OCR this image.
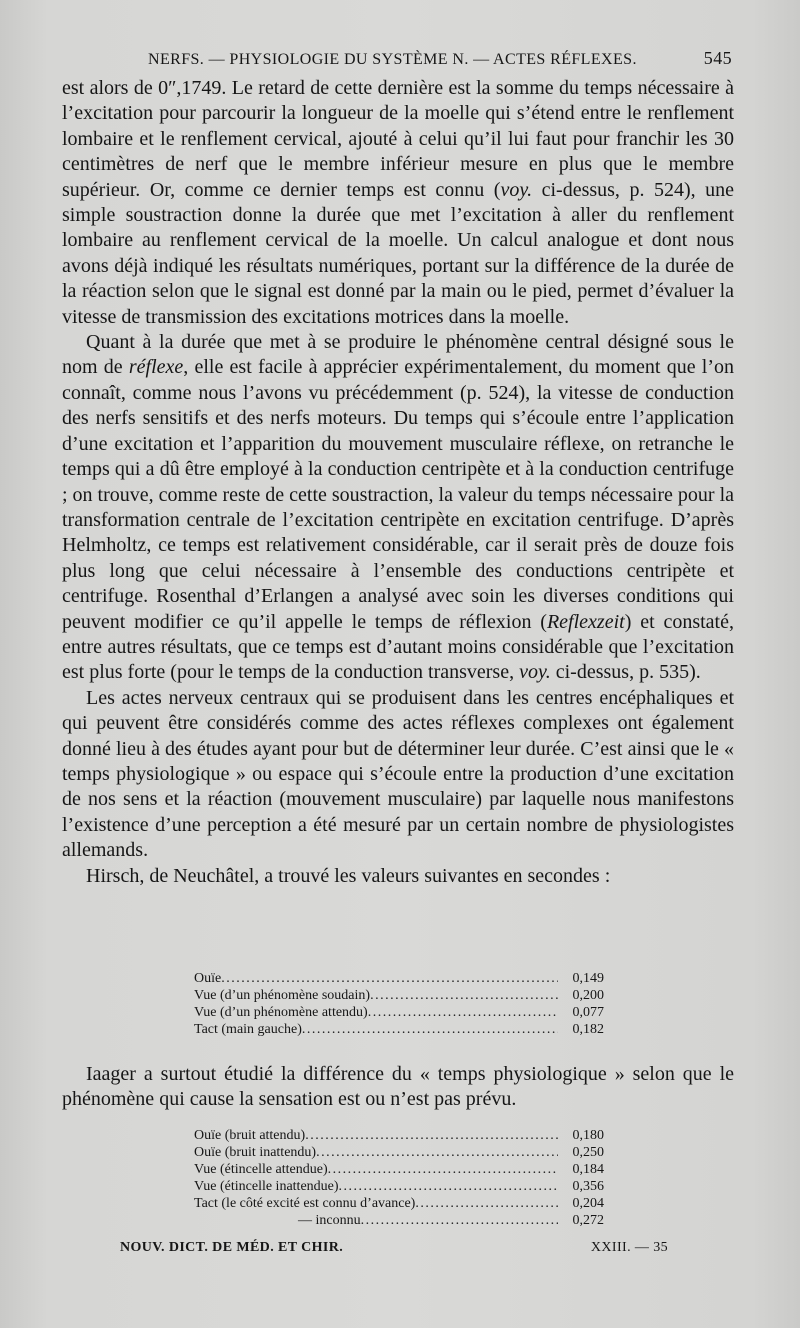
NERFS. — PHYSIOLOGIE DU SYSTÈME N. — ACTES RÉFLEXES.	545

est alors de 0″,1749. Le retard de cette dernière est la somme du temps nécessaire à l’excitation pour parcourir la longueur de la moelle qui s’étend entre le renflement lombaire et le renflement cervical, ajouté à celui qu’il lui faut pour franchir les 30 centimètres de nerf que le membre inférieur mesure en plus que le membre supérieur. Or, comme ce dernier temps est connu (voy. ci-dessus, p. 524), une simple soustraction donne la durée que met l’excitation à aller du renflement lombaire au renflement cervical de la moelle. Un calcul analogue et dont nous avons déjà indiqué les résultats numériques, portant sur la différence de la durée de la réaction selon que le signal est donné par la main ou le pied, permet d’évaluer la vitesse de transmission des excitations motrices dans la moelle.

Quant à la durée que met à se produire le phénomène central désigné sous le nom de réflexe, elle est facile à apprécier expérimentalement, du moment que l’on connaît, comme nous l’avons vu précédemment (p. 524), la vitesse de conduction des nerfs sensitifs et des nerfs moteurs. Du temps qui s’écoule entre l’application d’une excitation et l’apparition du mouvement musculaire réflexe, on retranche le temps qui a dû être employé à la conduction centripète et à la conduction centrifuge ; on trouve, comme reste de cette soustraction, la valeur du temps nécessaire pour la transformation centrale de l’excitation centripète en excitation centrifuge. D’après Helmholtz, ce temps est relativement considérable, car il serait près de douze fois plus long que celui nécessaire à l’ensemble des conductions centripète et centrifuge. Rosenthal d’Erlangen a analysé avec soin les diverses conditions qui peuvent modifier ce qu’il appelle le temps de réflexion (Reflexzeit) et constaté, entre autres résultats, que ce temps est d’autant moins considérable que l’excitation est plus forte (pour le temps de la conduction transverse, voy. ci-dessus, p. 535).

Les actes nerveux centraux qui se produisent dans les centres encéphaliques et qui peuvent être considérés comme des actes réflexes complexes ont également donné lieu à des études ayant pour but de déterminer leur durée. C’est ainsi que le « temps physiologique » ou espace qui s’écoule entre la production d’une excitation de nos sens et la réaction (mouvement musculaire) par laquelle nous manifestons l’existence d’une perception a été mesuré par un certain nombre de physiologistes allemands.

Hirsch, de Neuchâtel, a trouvé les valeurs suivantes en secondes :

Ouïe . . .	0,149
Vue (d’un phénomène soudain) . . .	0,200
Vue (d’un phénomène attendu) . . .	0,077
Tact (main gauche) . . .	0,182

Iaager a surtout étudié la différence du « temps physiologique » selon que le phénomène qui cause la sensation est ou n’est pas prévu.

Ouïe (bruit attendu) . . .	0,180
Ouïe (bruit inattendu) . . .	0,250
Vue (étincelle attendue) . . .	0,184
Vue (étincelle inattendue) . . .	0,356
Tact (le côté excité est connu d’avance) . . .	0,204
— inconnu . . .	0,272
NOUV. DICT. DE MÉD. ET CHIR.	XXIII. — 35
